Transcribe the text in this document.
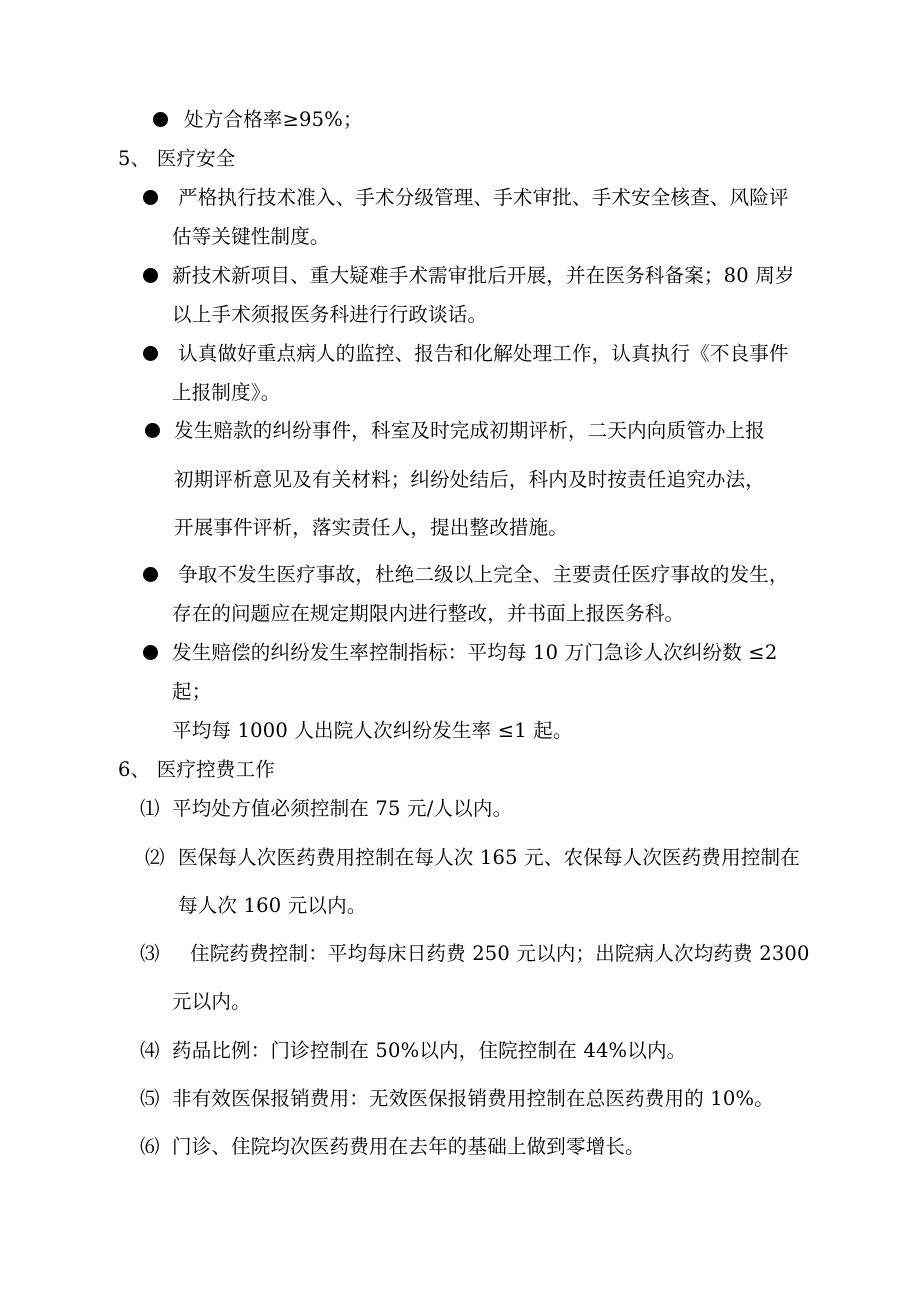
处方合格率≥95%；
5、 医疗安全
严格执行技术准入、手术分级管理、手术审批、手术安全核查、风险评
估等关键性制度。
新技术新项目、重大疑难手术需审批后开展，并在医务科备案；80 周岁
以上手术须报医务科进行行政谈话。
认真做好重点病人的监控、报告和化解处理工作，认真执行《不良事件
上报制度》。
发生赔款的纠纷事件，科室及时完成初期评析，二天内向质管办上报
初期评析意见及有关材料；纠纷处结后，科内及时按责任追究办法，
开展事件评析，落实责任人，提出整改措施。
争取不发生医疗事故，杜绝二级以上完全、主要责任医疗事故的发生，
存在的问题应在规定期限内进行整改，并书面上报医务科。
发生赔偿的纠纷发生率控制指标：平均每 10 万门急诊人次纠纷数 ≤2
起；
平均每 1000 人出院人次纠纷发生率 ≤1 起。
6、 医疗控费工作
⑴ 平均处方值必须控制在 75 元/人以内。
⑵ 医保每人次医药费用控制在每人次 165 元、农保每人次医药费用控制在
每人次 160 元以内。
⑶ 住院药费控制：平均每床日药费 250 元以内；出院病人次均药费 2300
元以内。
⑷ 药品比例：门诊控制在 50%以内，住院控制在 44%以内。
⑸ 非有效医保报销费用：无效医保报销费用控制在总医药费用的 10%。
⑹ 门诊、住院均次医药费用在去年的基础上做到零增长。
